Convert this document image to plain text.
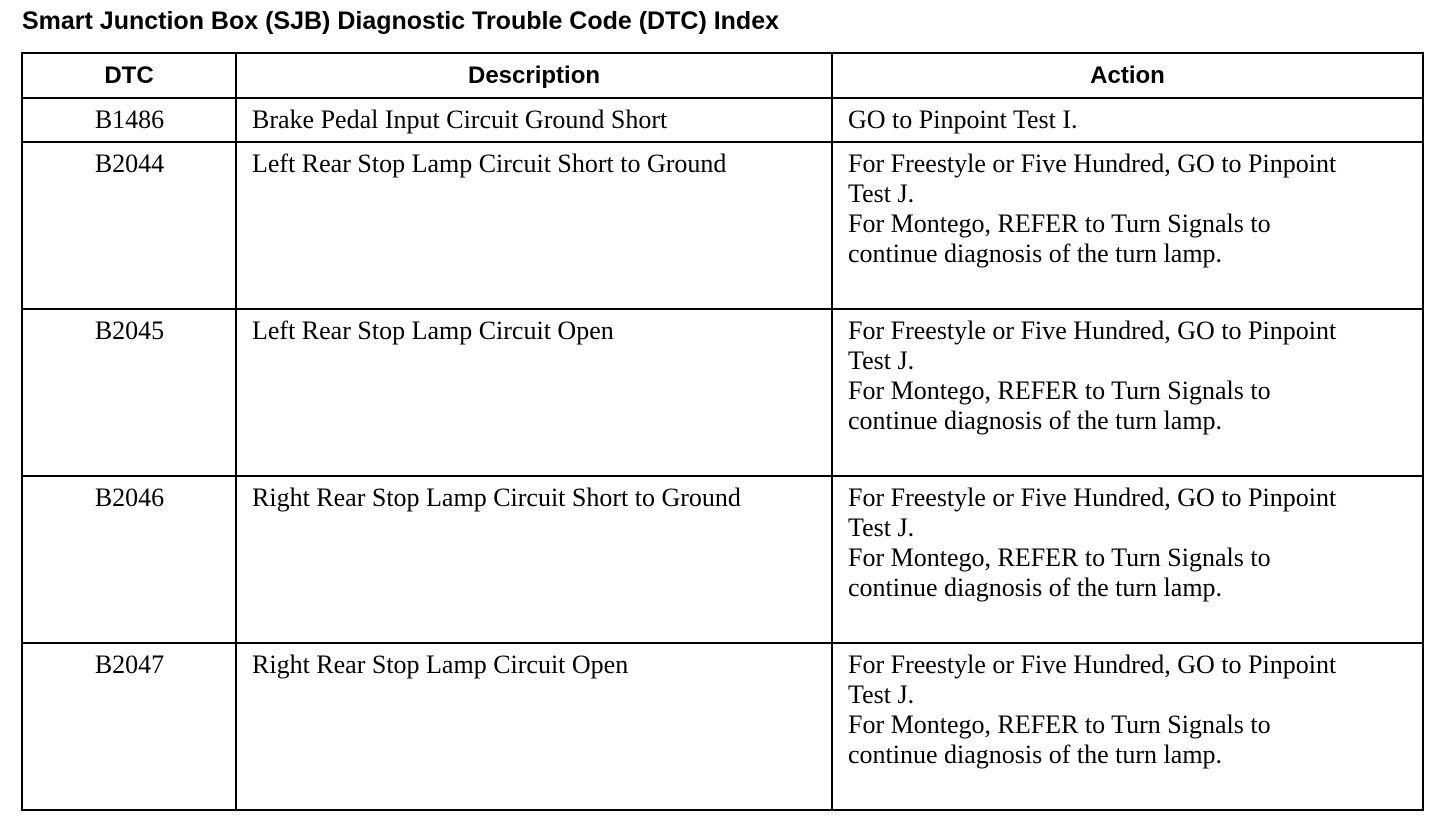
Smart Junction Box (SJB) Diagnostic Trouble Code (DTC) Index
DTC	Description	Action
B1486	Brake Pedal Input Circuit Ground Short	GO to Pinpoint Test I.

B2044	Left Rear Stop Lamp Circuit Short to Ground	For Freestyle or Five Hundred, GO to Pinpoint
Test J.
For Montego, REFER to Turn Signals to
continue diagnosis of the turn lamp.

B2045	Left Rear Stop Lamp Circuit Open	For Freestyle or Five Hundred, GO to Pinpoint
Test J.
For Montego, REFER to Turn Signals to
continue diagnosis of the turn lamp.

B2046	Right Rear Stop Lamp Circuit Short to Ground	For Freestyle or Five Hundred, GO to Pinpoint
Test J.
For Montego, REFER to Turn Signals to
continue diagnosis of the turn lamp.

B2047	Right Rear Stop Lamp Circuit Open	For Freestyle or Five Hundred, GO to Pinpoint
Test J.
For Montego, REFER to Turn Signals to
continue diagnosis of the turn lamp.
